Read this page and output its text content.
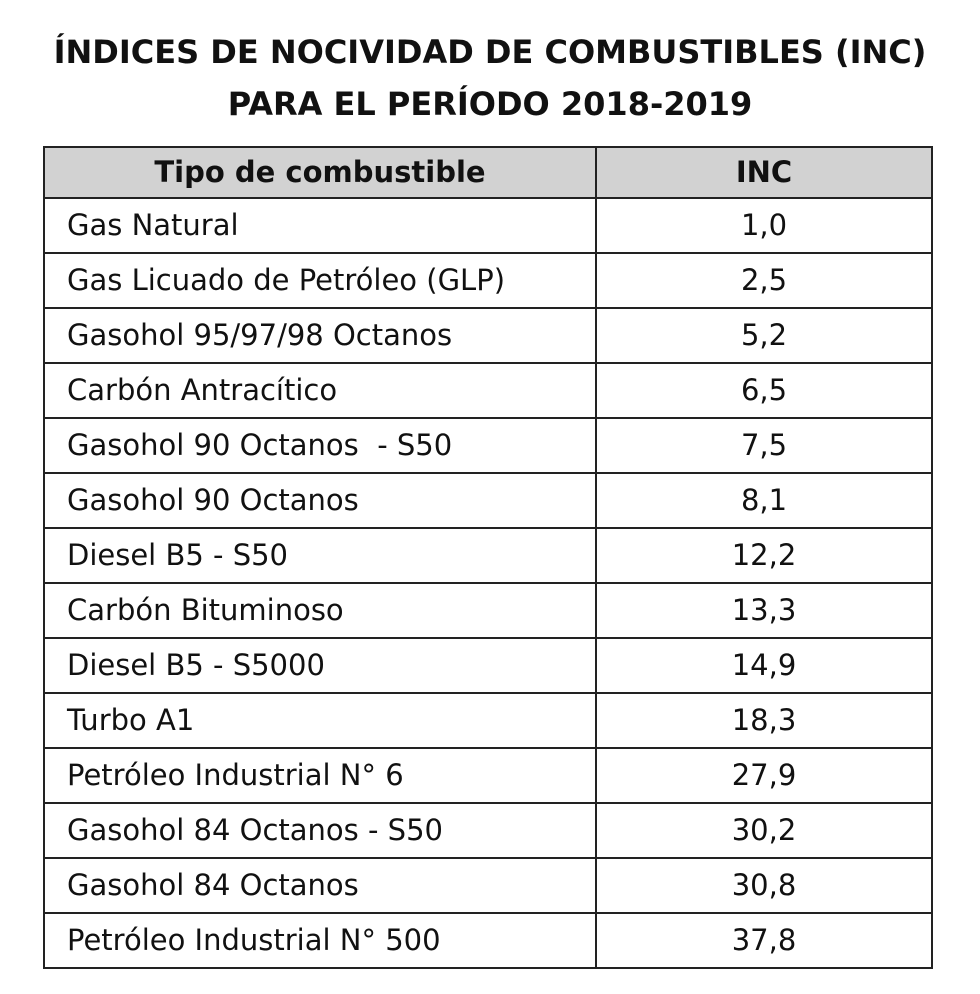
ÍNDICES DE NOCIVIDAD DE COMBUSTIBLES (INC)
PARA EL PERÍODO 2018-2019
Tipo de combustible	INC
Gas Natural	1,0
Gas Licuado de Petróleo (GLP)	2,5
Gasohol 95/97/98 Octanos	5,2
Carbón Antracítico	6,5
Gasohol 90 Octanos  - S50	7,5
Gasohol 90 Octanos	8,1
Diesel B5 - S50	12,2
Carbón Bituminoso	13,3
Diesel B5 - S5000	14,9
Turbo A1	18,3
Petróleo Industrial N° 6	27,9
Gasohol 84 Octanos - S50	30,2
Gasohol 84 Octanos	30,8
Petróleo Industrial N° 500	37,8
